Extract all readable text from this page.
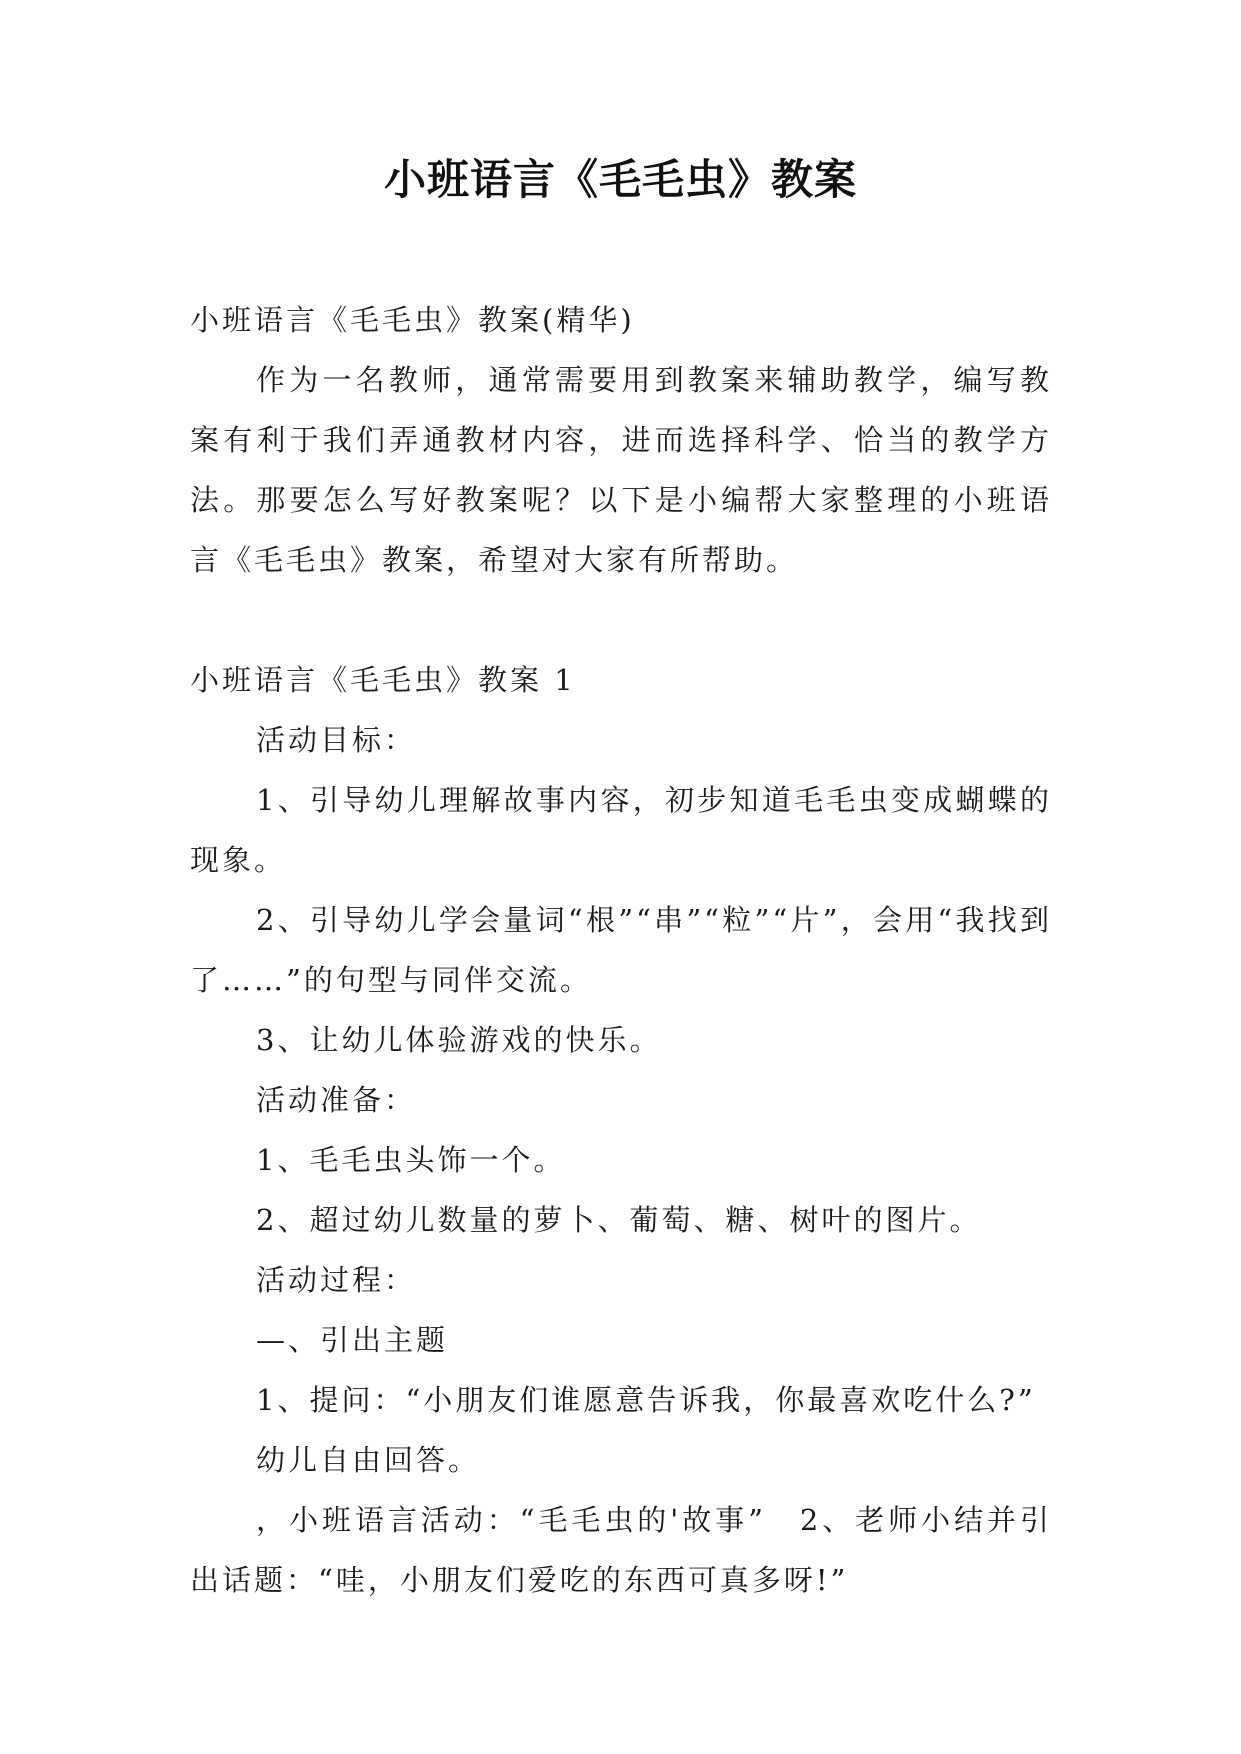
小班语言《毛毛虫》教案

小班语言《毛毛虫》教案(精华)

作为一名教师，通常需要用到教案来辅助教学，编写教案有利于我们弄通教材内容，进而选择科学、恰当的教学方法。那要怎么写好教案呢？以下是小编帮大家整理的小班语言《毛毛虫》教案，希望对大家有所帮助。

小班语言《毛毛虫》教案 1

活动目标：

1、引导幼儿理解故事内容，初步知道毛毛虫变成蝴蝶的现象。

2、引导幼儿学会量词“根”“串”“粒”“片”，会用“我找到了……”的句型与同伴交流。

3、让幼儿体验游戏的快乐。

活动准备：

1、毛毛虫头饰一个。

2、超过幼儿数量的萝卜、葡萄、糖、树叶的图片。

活动过程：

—、引出主题

1、提问：“小朋友们谁愿意告诉我，你最喜欢吃什么?”

幼儿自由回答。

，小班语言活动：“毛毛虫的'故事”　2、老师小结并引出话题：“哇，小朋友们爱吃的东西可真多呀!”
